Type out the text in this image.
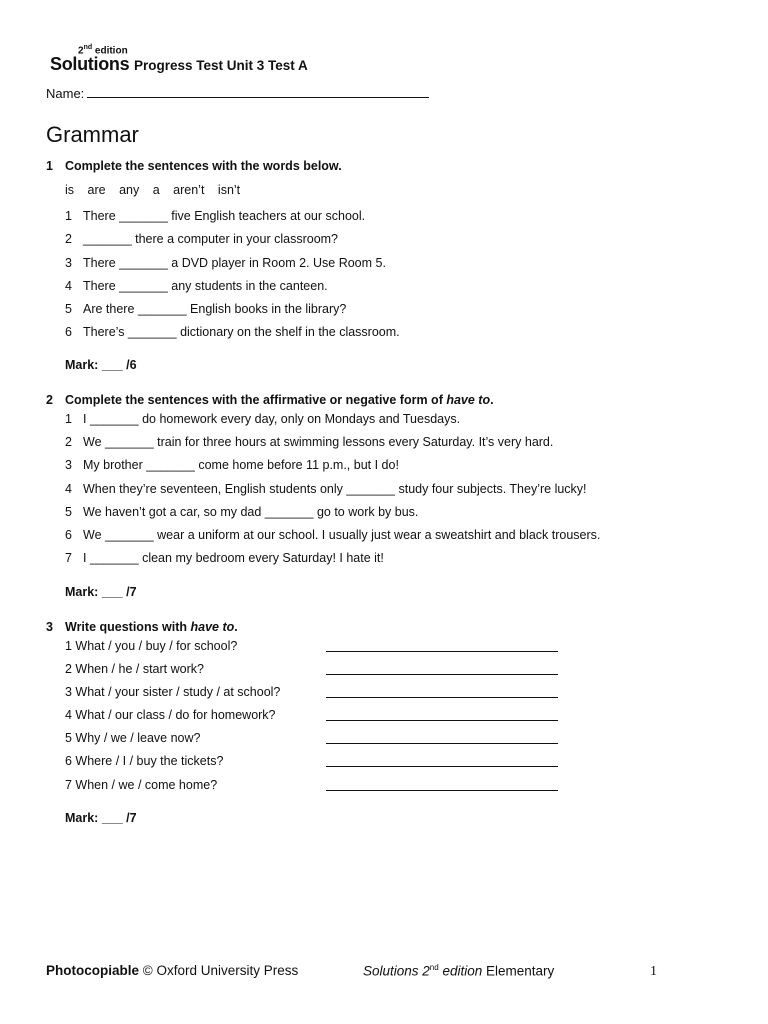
2nd edition
Solutions Progress Test Unit 3 Test A
Name:
Grammar
1 Complete the sentences with the words below.
is are any a aren’t isn’t
1 There _______ five English teachers at our school.
2 _______ there a computer in your classroom?
3 There _______ a DVD player in Room 2. Use Room 5.
4 There _______ any students in the canteen.
5 Are there _______ English books in the library?
6 There’s _______ dictionary on the shelf in the classroom.
Mark: ___ /6
2 Complete the sentences with the affirmative or negative form of have to.
1 I _______ do homework every day, only on Mondays and Tuesdays.
2 We _______ train for three hours at swimming lessons every Saturday. It’s very hard.
3 My brother _______ come home before 11 p.m., but I do!
4 When they’re seventeen, English students only _______ study four subjects. They’re lucky!
5 We haven’t got a car, so my dad _______ go to work by bus.
6 We _______ wear a uniform at our school. I usually just wear a sweatshirt and black trousers.
7 I _______ clean my bedroom every Saturday! I hate it!
Mark: ___ /7
3 Write questions with have to.
1 What / you / buy / for school?
2 When / he / start work?
3 What / your sister / study / at school?
4 What / our class / do for homework?
5 Why / we / leave now?
6 Where / I / buy the tickets?
7 When / we / come home?
Mark: ___ /7
Photocopiable © Oxford University Press	Solutions 2nd edition Elementary	1
